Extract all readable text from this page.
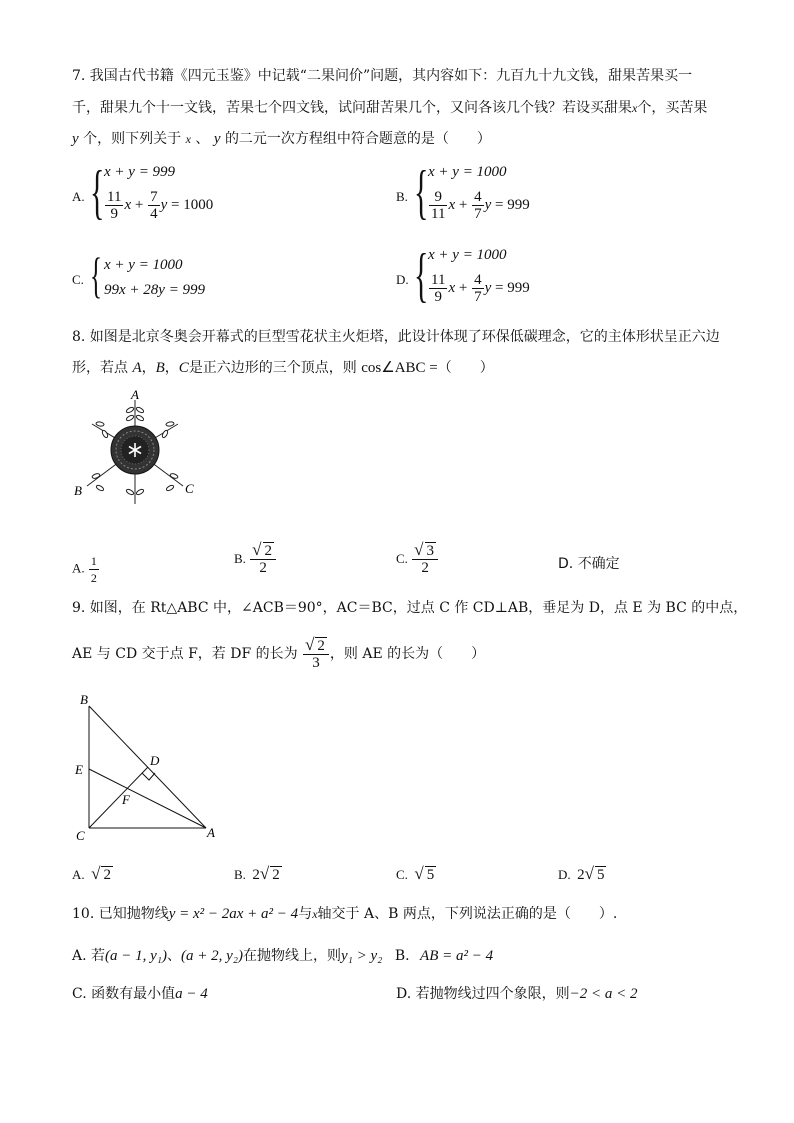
7. 我国古代书籍《四元玉鉴》中记载“二果问价”问题，其内容如下：九百九十九文钱，甜果苦果买一
千，甜果九个十一文钱，苦果七个四文钱，试问甜苦果几个，又问各该几个钱？若设买甜果x个，买苦果
y 个，则下列关于 x 、 y 的二元一次方程组中符合题意的是（　　）
A. { x + y = 999
$\frac{11}{9}$ $x + \frac{7}{4}$ y = 1000
B. { x + y = 1000
$\frac{9}{11}$ $x + \frac{4}{7}$ y = 999
C. { x + y = 1000
99x + 28y = 999
D. { x + y = 1000
$\frac{11}{9}$ $x + \frac{4}{7}$ y = 999
8. 如图是北京冬奥会开幕式的巨型雪花状主火炬塔，此设计体现了环保低碳理念，它的主体形状呈正六边
形，若点 A，B，C是正六边形的三个顶点，则 cos∠ABC =（　　）
A
B	C
A. $\frac{1}{2}$	B. $\frac{√ 2}{2}$	C. $\frac{√ 3}{2}$	D. 不确定
9. 如图，在 Rt△ABC 中，∠ACB＝90°，AC＝BC，过点 C 作 CD⊥AB，垂足为 D，点 E 为 BC 的中点，
AE 与 CD 交于点 F，若 DF 的长为 $\frac{√ 2}{3}$ ，则 AE 的长为（　　）
B
D
E
F
C	A
A. √ 2	B. 2√ 2	C. √ 5	D. 2√ 5
10. 已知抛物线y = x² − 2ax + a² − 4与x轴交于 A、B 两点，下列说法正确的是（　　）.
A. 若(a − 1, y₁)、(a + 2, y₂)在抛物线上，则y₁ > y₂ B. AB = a² − 4
C. 函数有最小值a − 4	D. 若抛物线过四个象限，则−2 < a < 2
